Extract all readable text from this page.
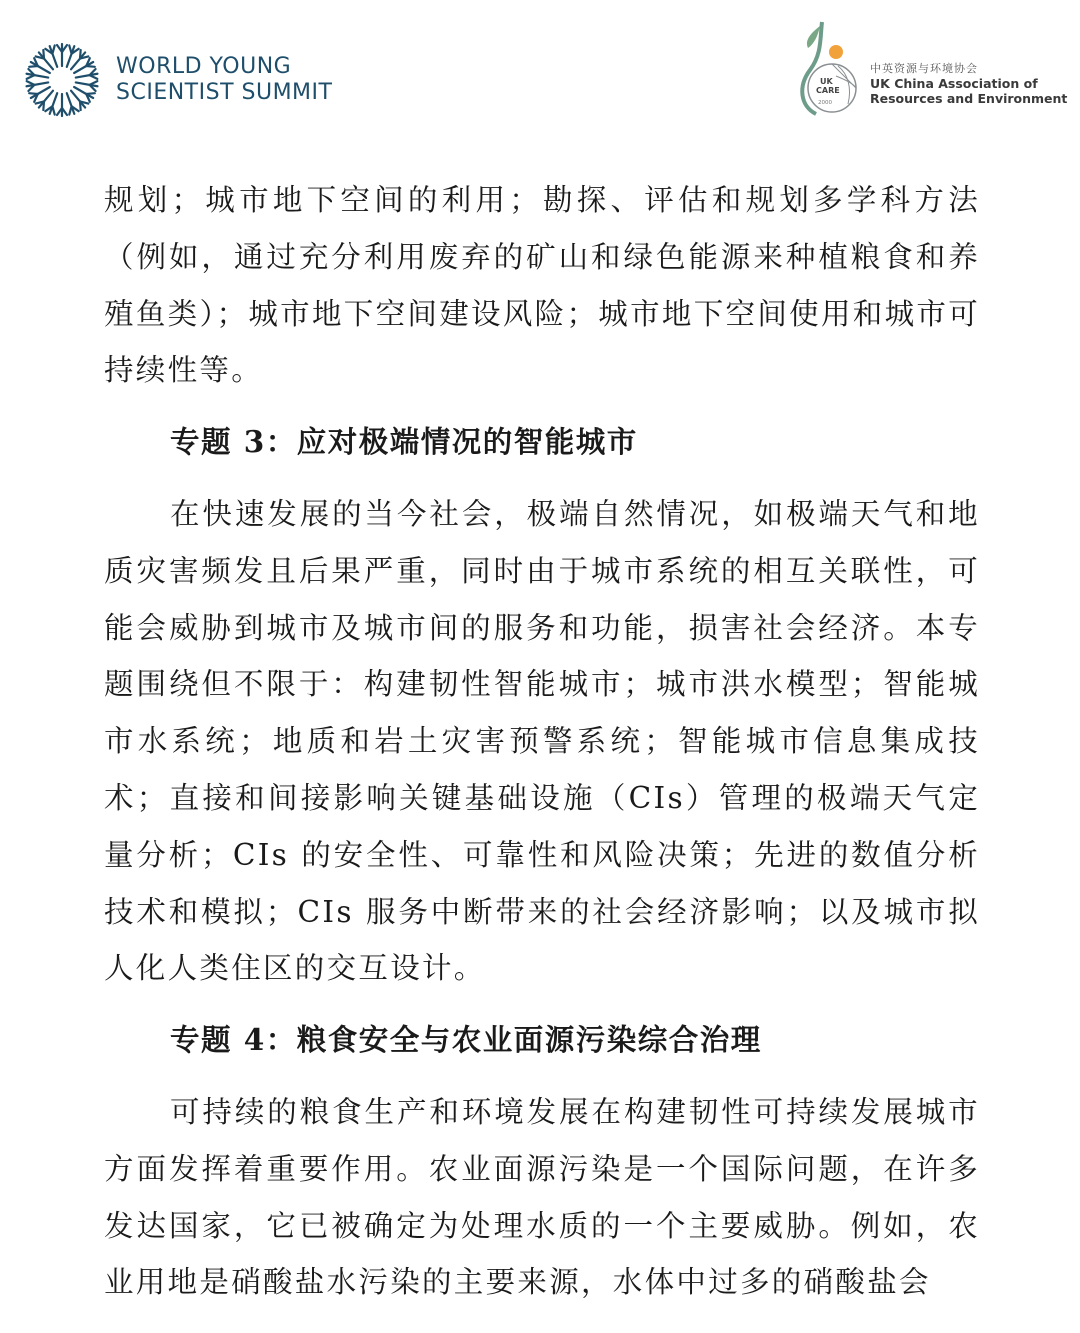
WORLD YOUNG
SCIENTIST SUMMIT	UK
CARE
2000
中英资源与环境协会
UK China Association of
Resources and Environment

规划；城市地下空间的利用；勘探、评估和规划多学科方法（例如，通过充分利用废弃的矿山和绿色能源来种植粮食和养殖鱼类）；城市地下空间建设风险；城市地下空间使用和城市可持续性等。

专题 3：应对极端情况的智能城市

在快速发展的当今社会，极端自然情况，如极端天气和地质灾害频发且后果严重，同时由于城市系统的相互关联性，可能会威胁到城市及城市间的服务和功能，损害社会经济。本专题围绕但不限于：构建韧性智能城市；城市洪水模型；智能城市水系统；地质和岩土灾害预警系统；智能城市信息集成技术；直接和间接影响关键基础设施（CIs）管理的极端天气定量分析；CIs 的安全性、可靠性和风险决策；先进的数值分析技术和模拟；CIs 服务中断带来的社会经济影响；以及城市拟人化人类住区的交互设计。

专题 4：粮食安全与农业面源污染综合治理

可持续的粮食生产和环境发展在构建韧性可持续发展城市方面发挥着重要作用。农业面源污染是一个国际问题，在许多发达国家，它已被确定为处理水质的一个主要威胁。例如，农业用地是硝酸盐水污染的主要来源，水体中过多的硝酸盐会
